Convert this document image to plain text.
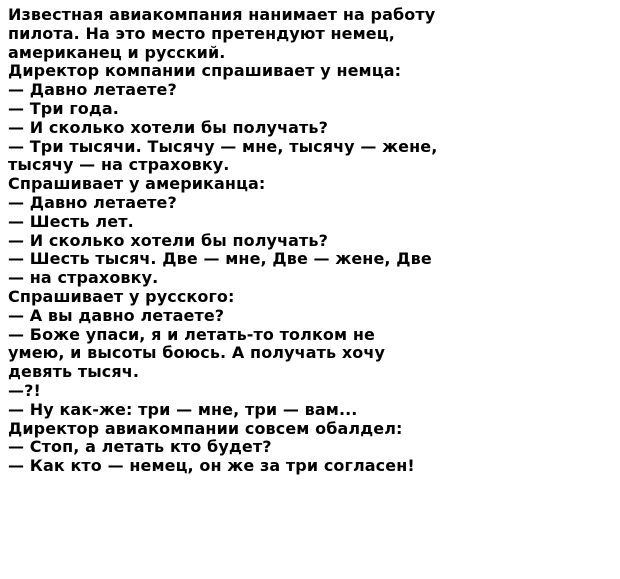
Известная авиакомпания нанимает на работу
пилота. На это место претендуют немец,
американец и русский.
Директор компании спрашивает у немца:
— Давно летаете?
— Три года.
— И сколько хотели бы получать?
— Три тысячи. Тысячу — мне, тысячу — жене,
тысячу — на страховку.
Спрашивает у американца:
— Давно летаете?
— Шесть лет.
— И сколько хотели бы получать?
— Шесть тысяч. Две — мне, Две — жене, Две
— на страховку.
Спрашивает у русского:
— А вы давно летаете?
— Боже упаси, я и летать-то толком не
умею, и высоты боюсь. А получать хочу
девять тысяч.
—?!
— Ну как-же: три — мне, три — вам...
Директор авиакомпании совсем обалдел:
— Стоп, а летать кто будет?
— Как кто — немец, он же за три согласен!
